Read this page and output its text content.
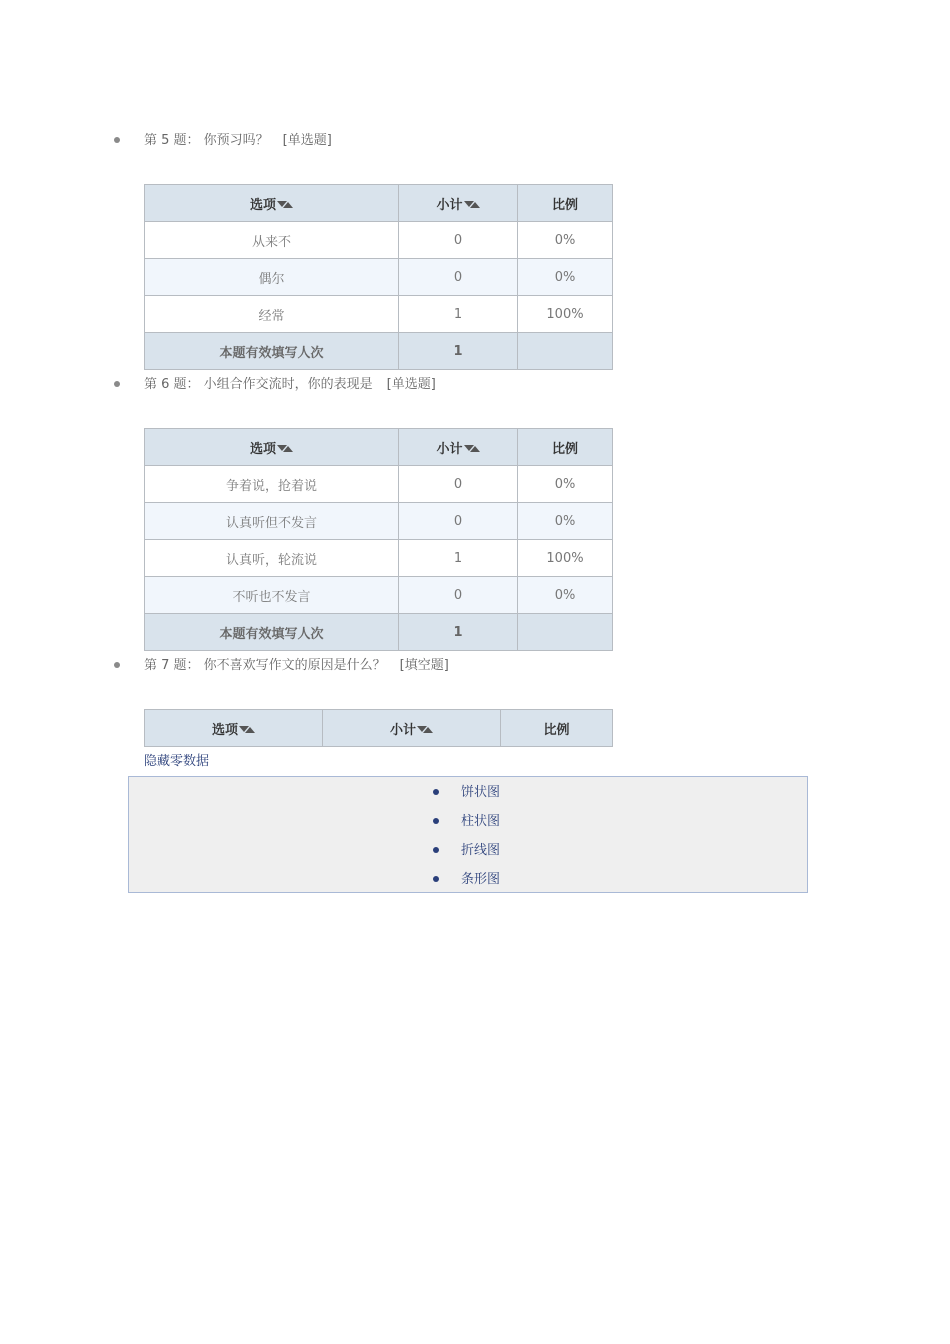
第 5 题： 你预习吗？ [单选题]
选项	小计	比例
从来不	0	0%
偶尔	0	0%
经常	1	100%
本题有效填写人次	1	
第 6 题： 小组合作交流时，你的表现是 [单选题]
选项	小计	比例
争着说，抢着说	0	0%
认真听但不发言	0	0%
认真听，轮流说	1	100%
不听也不发言	0	0%
本题有效填写人次	1	
第 7 题： 你不喜欢写作文的原因是什么？ [填空题]
选项	小计	比例
隐藏零数据
饼状图
柱状图
折线图
条形图
